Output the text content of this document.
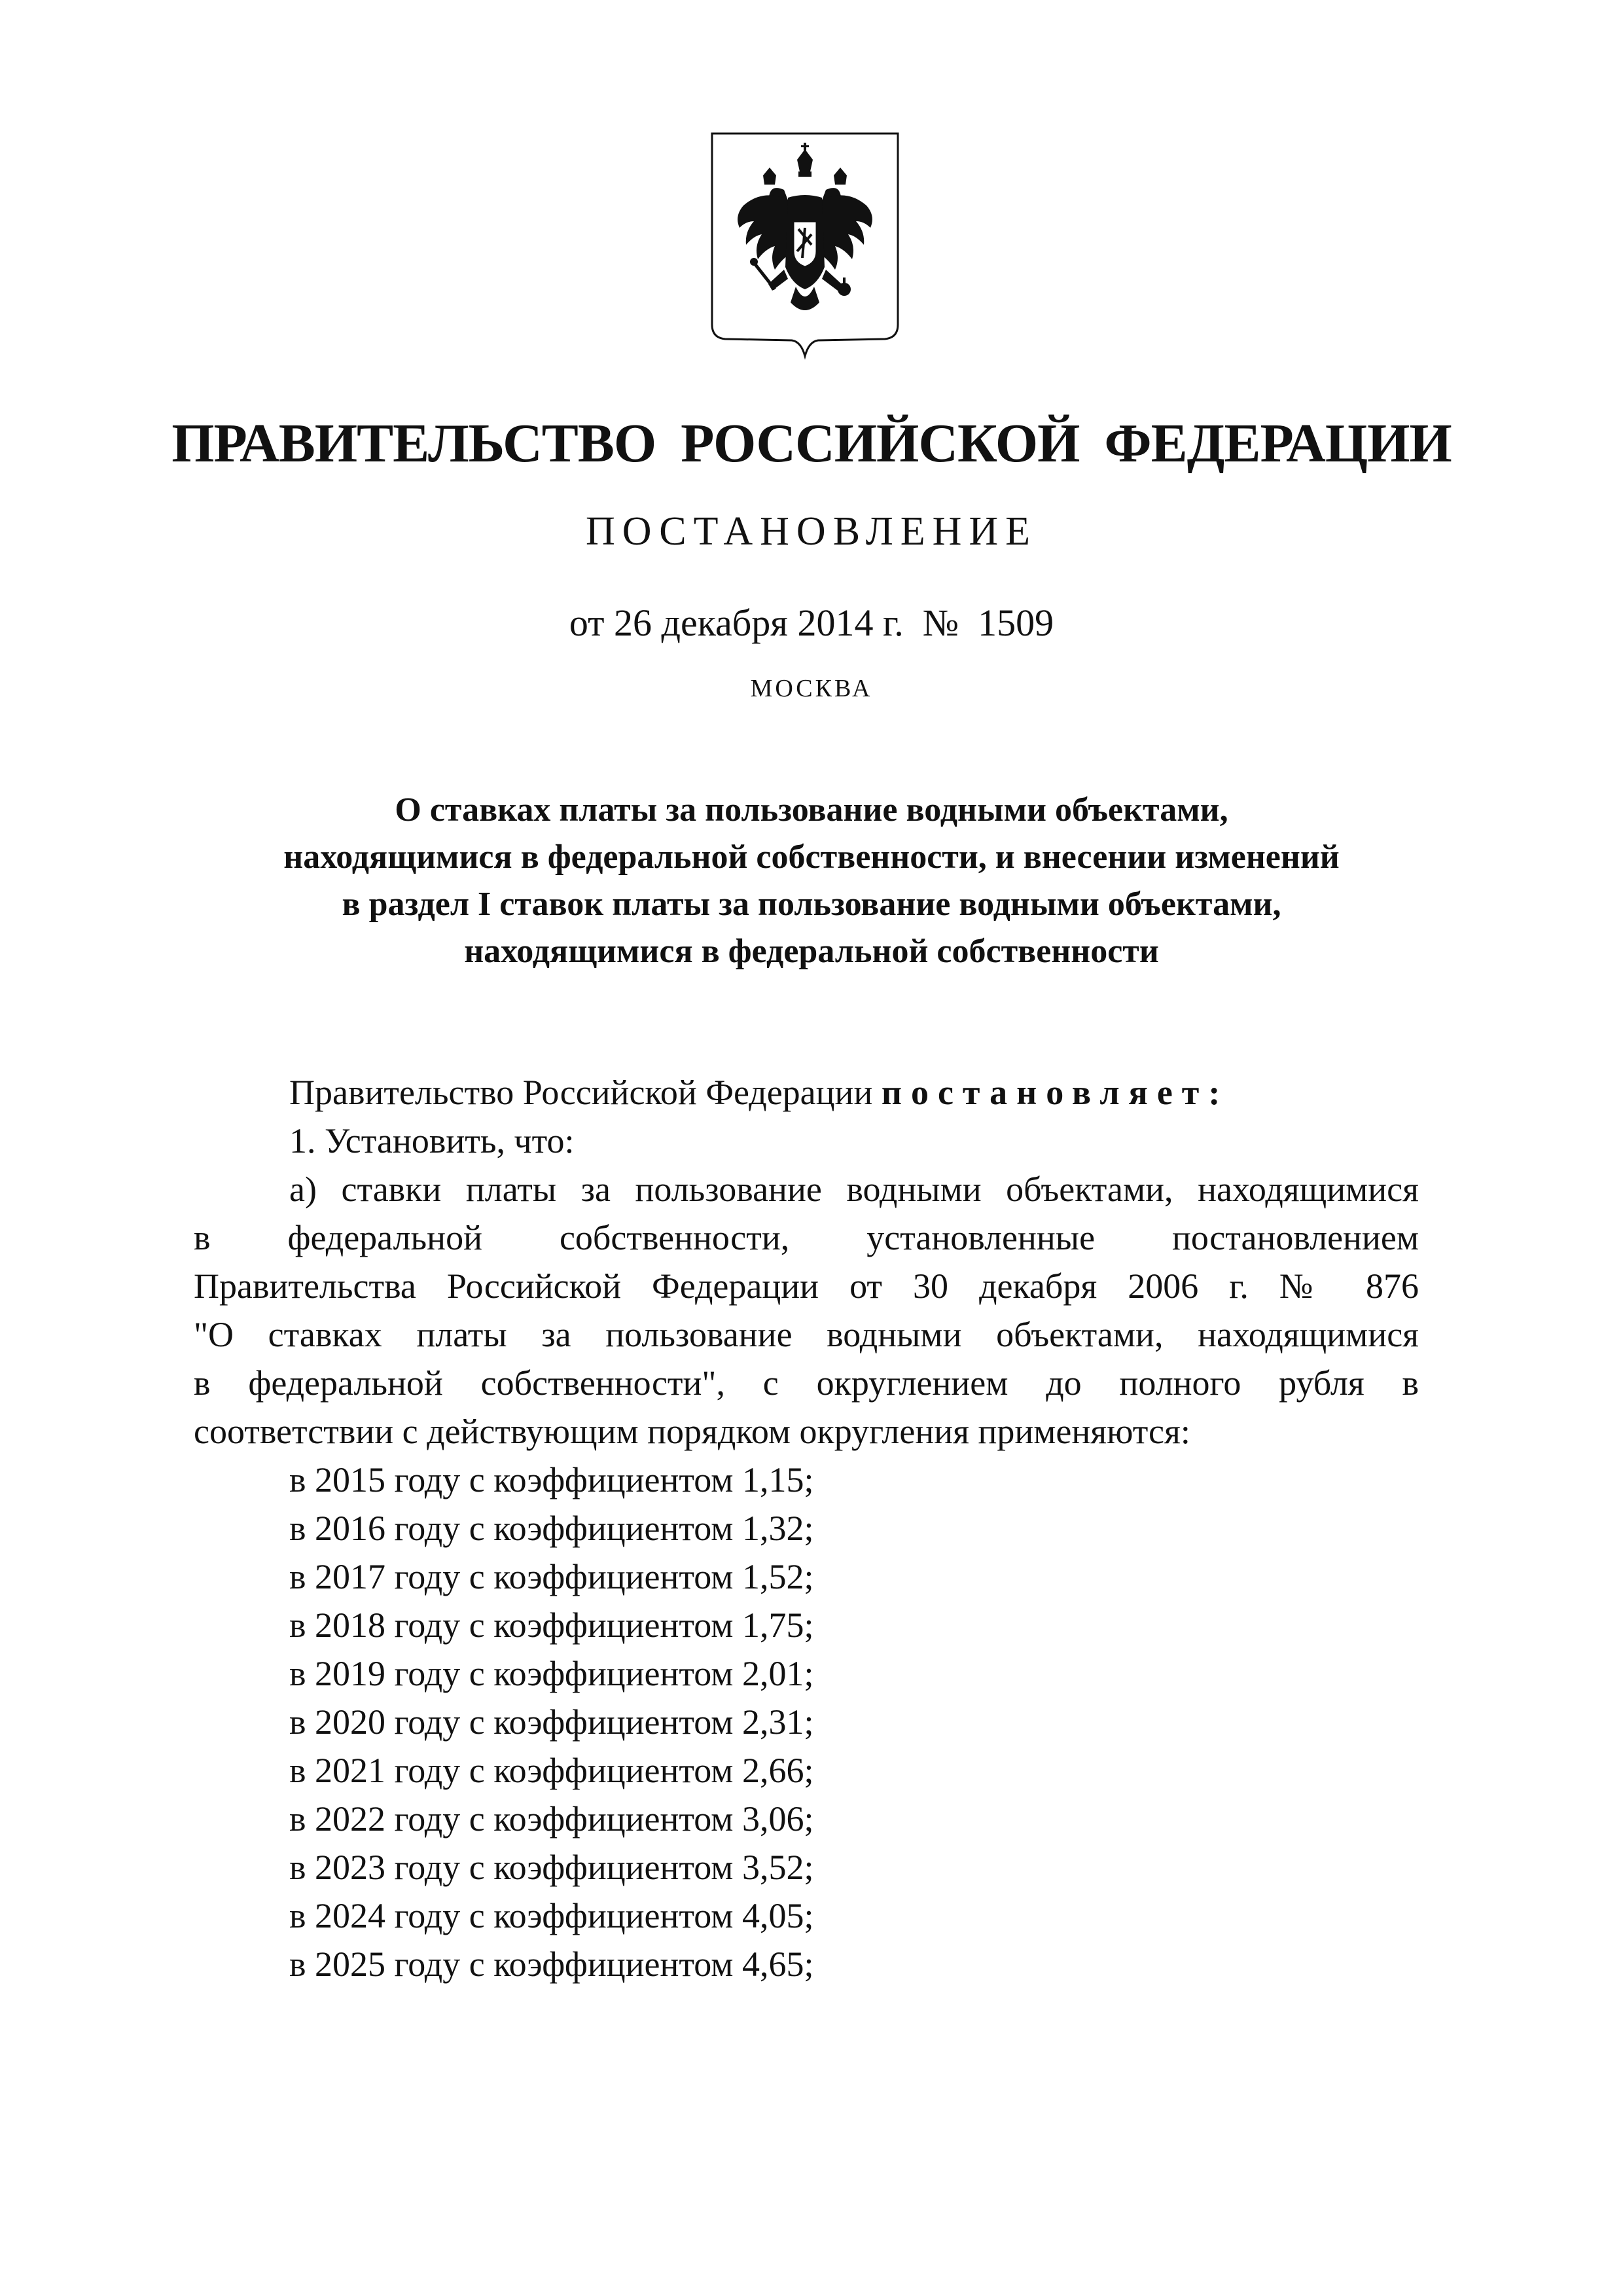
ПРАВИТЕЛЬСТВО РОССИЙСКОЙ ФЕДЕРАЦИИ
ПОСТАНОВЛЕНИЕ
от 26 декабря 2014 г.  №  1509
МОСКВА
О ставках платы за пользование водными объектами,
находящимися в федеральной собственности, и внесении изменений
в раздел I ставок платы за пользование водными объектами,
находящимися в федеральной собственности
Правительство Российской Федерации постановляет:
1. Установить, что:
а) ставки платы за пользование водными объектами, находящимися
в федеральной собственности, установленные постановлением
Правительства Российской Федерации от 30 декабря 2006 г. № 876
"О ставках платы за пользование водными объектами, находящимися
в федеральной собственности", с округлением до полного рубля в
соответствии с действующим порядком округления применяются:
в 2015 году с коэффициентом 1,15;
в 2016 году с коэффициентом 1,32;
в 2017 году с коэффициентом 1,52;
в 2018 году с коэффициентом 1,75;
в 2019 году с коэффициентом 2,01;
в 2020 году с коэффициентом 2,31;
в 2021 году с коэффициентом 2,66;
в 2022 году с коэффициентом 3,06;
в 2023 году с коэффициентом 3,52;
в 2024 году с коэффициентом 4,05;
в 2025 году с коэффициентом 4,65;
